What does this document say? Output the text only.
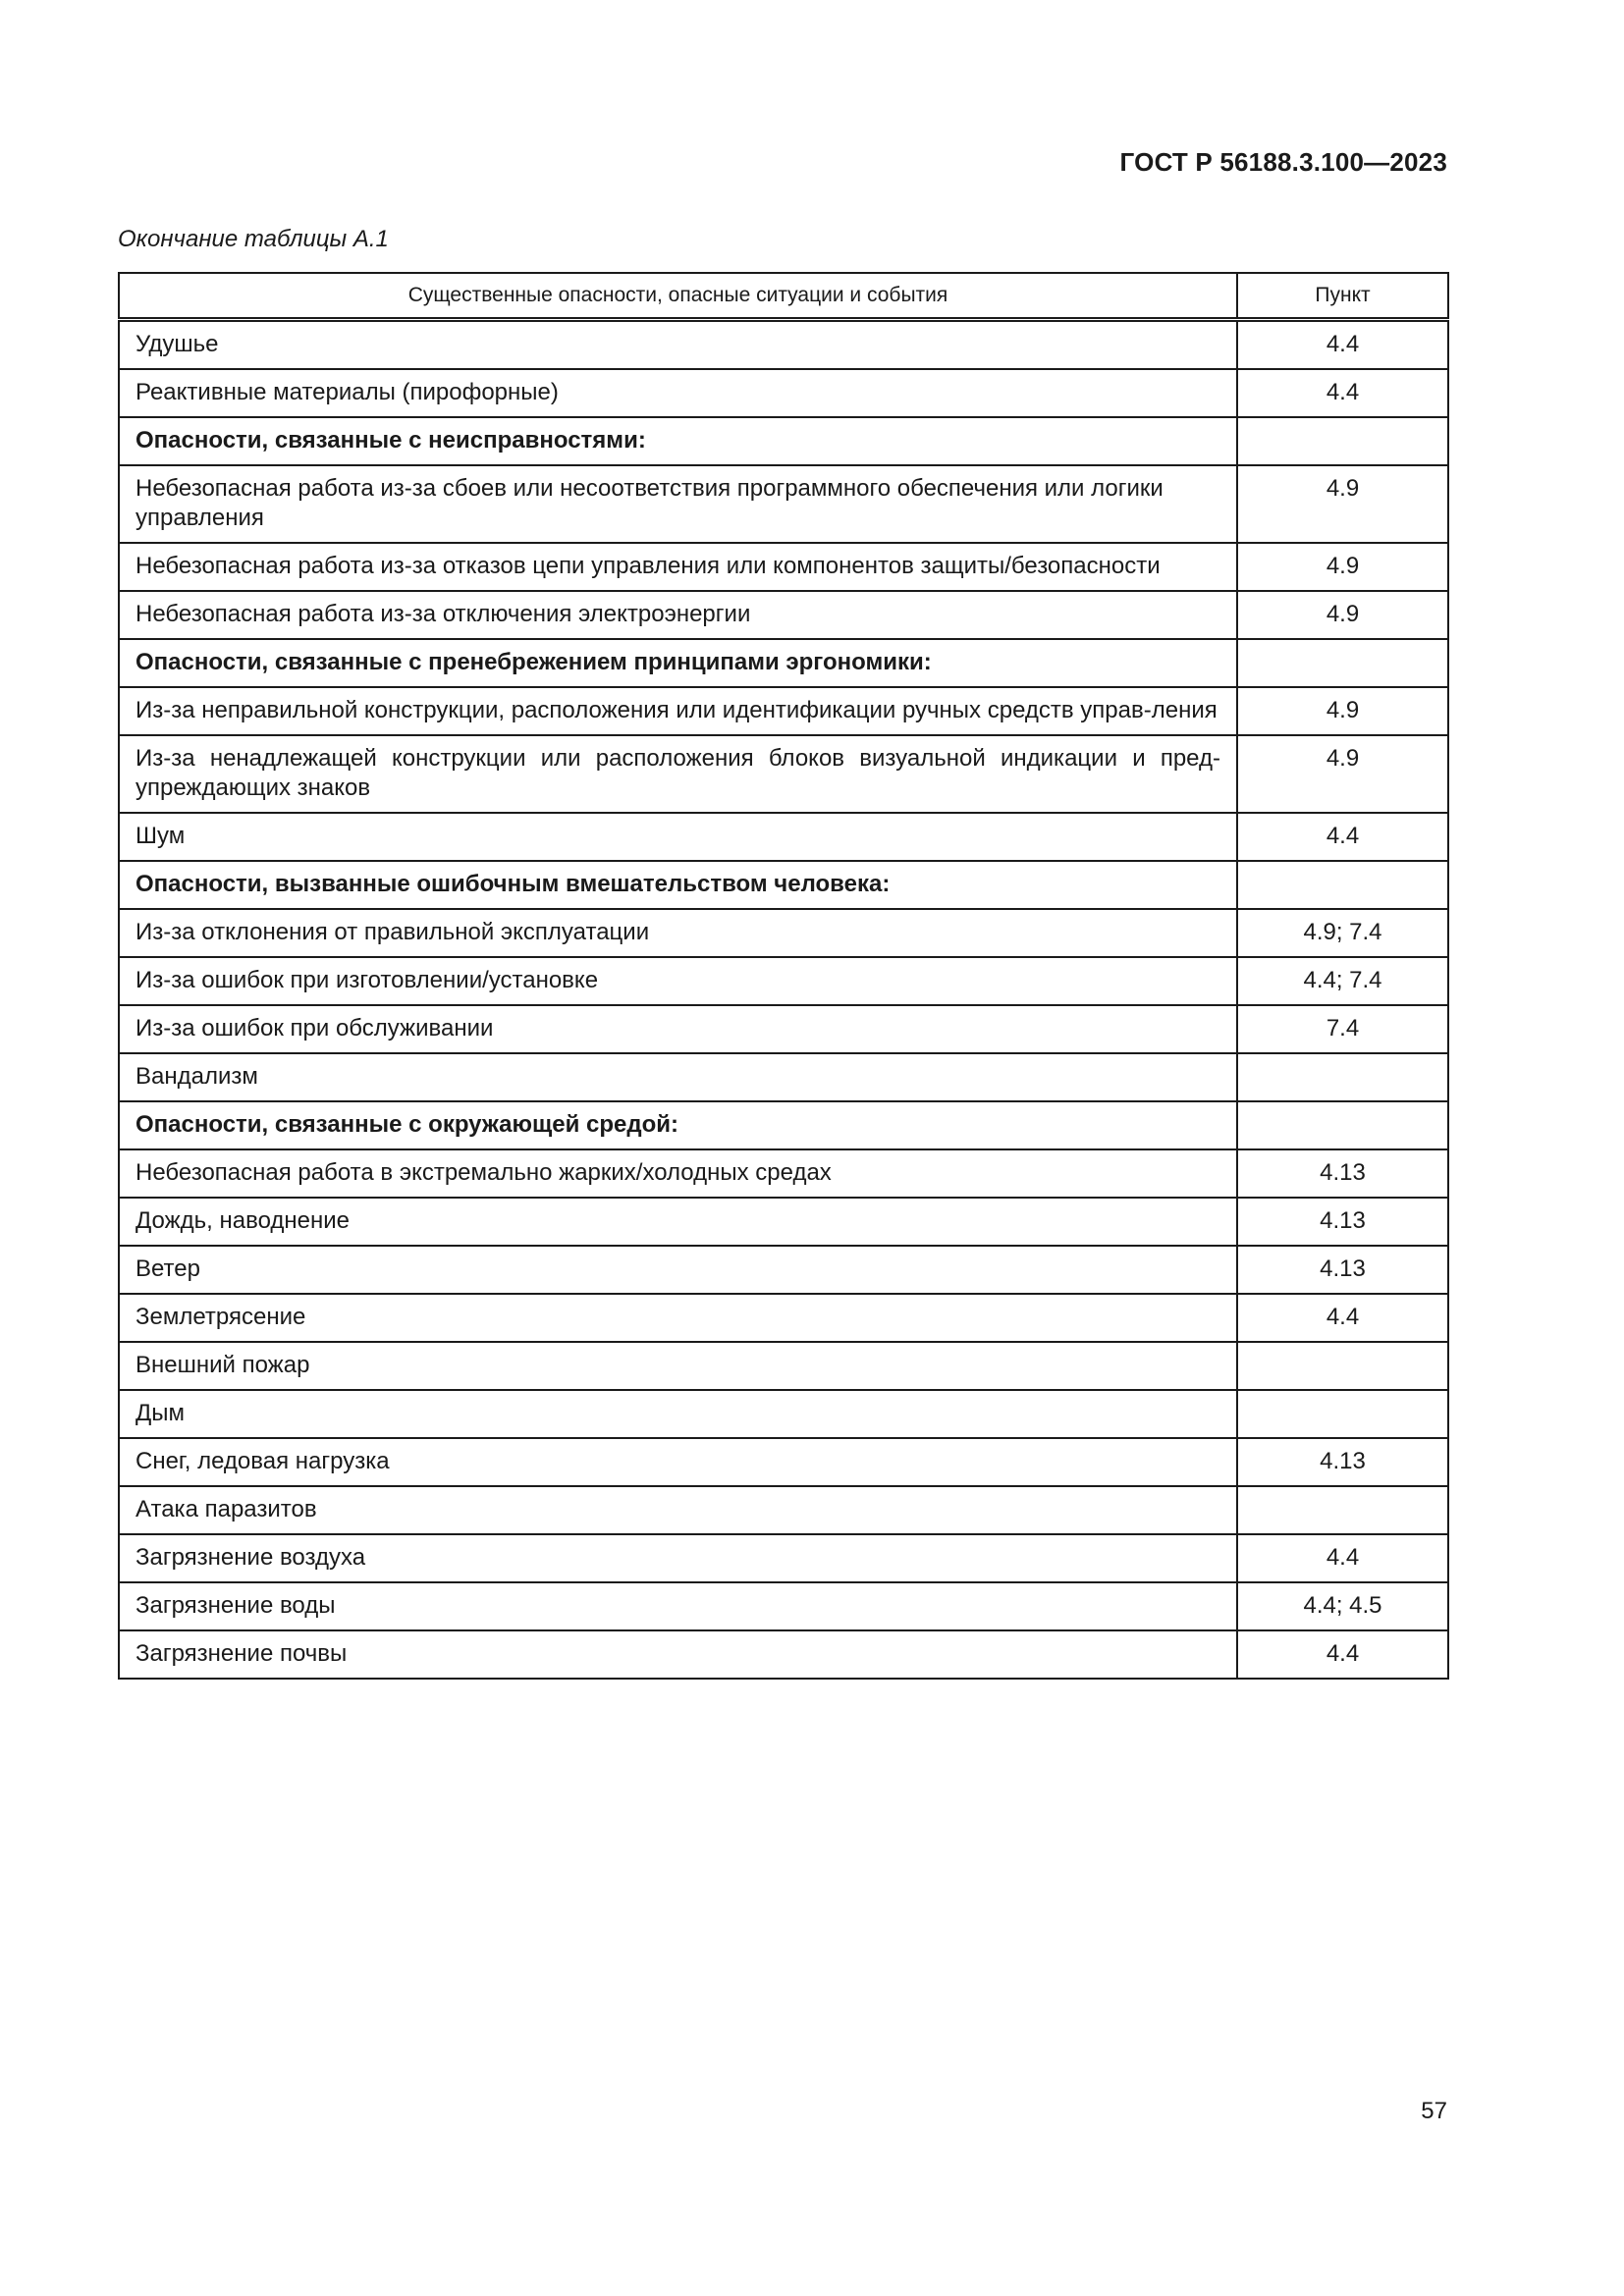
ГОСТ Р 56188.3.100—2023
Окончание таблицы А.1
Существенные опасности, опасные ситуации и события	Пункт
Удушье	4.4
Реактивные материалы (пирофорные)	4.4
Опасности, связанные с неисправностями:	
Небезопасная работа из-за сбоев или несоответствия программного обеспечения или логики управления	4.9
Небезопасная работа из-за отказов цепи управления или компонентов защиты/безопасности	4.9
Небезопасная работа из-за отключения электроэнергии	4.9
Опасности, связанные с пренебрежением принципами эргономики:	
Из-за неправильной конструкции, расположения или идентификации ручных средств управ-ления	4.9
Из-за ненадлежащей конструкции или расположения блоков визуальной индикации и пред-упреждающих знаков	4.9
Шум	4.4
Опасности, вызванные ошибочным вмешательством человека:	
Из-за отклонения от правильной эксплуатации	4.9; 7.4
Из-за ошибок при изготовлении/установке	4.4; 7.4
Из-за ошибок при обслуживании	7.4
Вандализм	
Опасности, связанные с окружающей средой:	
Небезопасная работа в экстремально жарких/холодных средах	4.13
Дождь, наводнение	4.13
Ветер	4.13
Землетрясение	4.4
Внешний пожар	
Дым	
Снег, ледовая нагрузка	4.13
Атака паразитов	
Загрязнение воздуха	4.4
Загрязнение воды	4.4; 4.5
Загрязнение почвы	4.4
57
